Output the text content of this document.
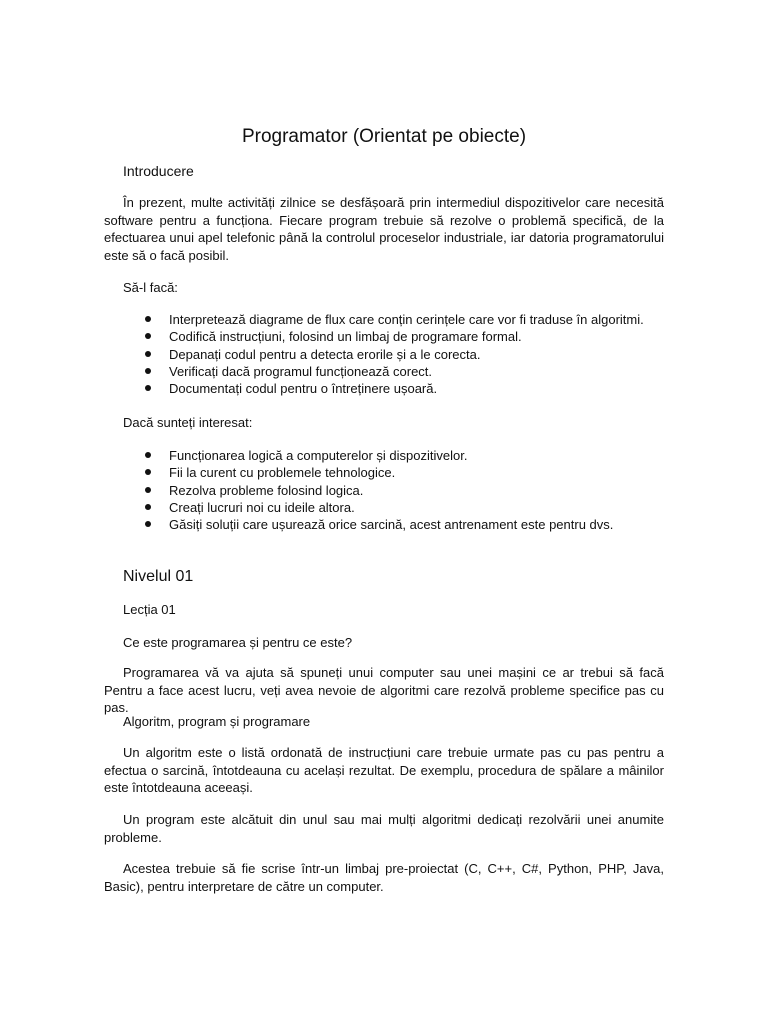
Programator (Orientat pe obiecte)
Introducere

În prezent, multe activități zilnice se desfășoară prin intermediul dispozitivelor care necesită software pentru a funcționa. Fiecare program trebuie să rezolve o problemă specifică, de la efectuarea unui apel telefonic până la controlul proceselor industriale, iar datoria programatorului este să o facă posibil.

Să-l facă:

Interpretează diagrame de flux care conțin cerințele care vor fi traduse în algoritmi.
Codifică instrucțiuni, folosind un limbaj de programare formal.
Depanați codul pentru a detecta erorile și a le corecta.
Verificați dacă programul funcționează corect.
Documentați codul pentru o întreținere ușoară.

Dacă sunteți interesat:

Funcționarea logică a computerelor și dispozitivelor.
Fii la curent cu problemele tehnologice.
Rezolva probleme folosind logica.
Creați lucruri noi cu ideile altora.
Găsiți soluții care ușurează orice sarcină, acest antrenament este pentru dvs.
Nivelul 01

Lecția 01

Ce este programarea și pentru ce este?

Programarea vă va ajuta să spuneți unui computer sau unei mașini ce ar trebui să facă Pentru a face acest lucru, veți avea nevoie de algoritmi care rezolvă probleme specifice pas cu pas.

Algoritm, program și programare

Un algoritm este o listă ordonată de instrucțiuni care trebuie urmate pas cu pas pentru a efectua o sarcină, întotdeauna cu același rezultat. De exemplu, procedura de spălare a mâinilor este întotdeauna aceeași.

Un program este alcătuit din unul sau mai mulți algoritmi dedicați rezolvării unei anumite probleme.

Acestea trebuie să fie scrise într-un limbaj pre-proiectat (C, C++, C#, Python, PHP, Java, Basic), pentru interpretare de către un computer.
